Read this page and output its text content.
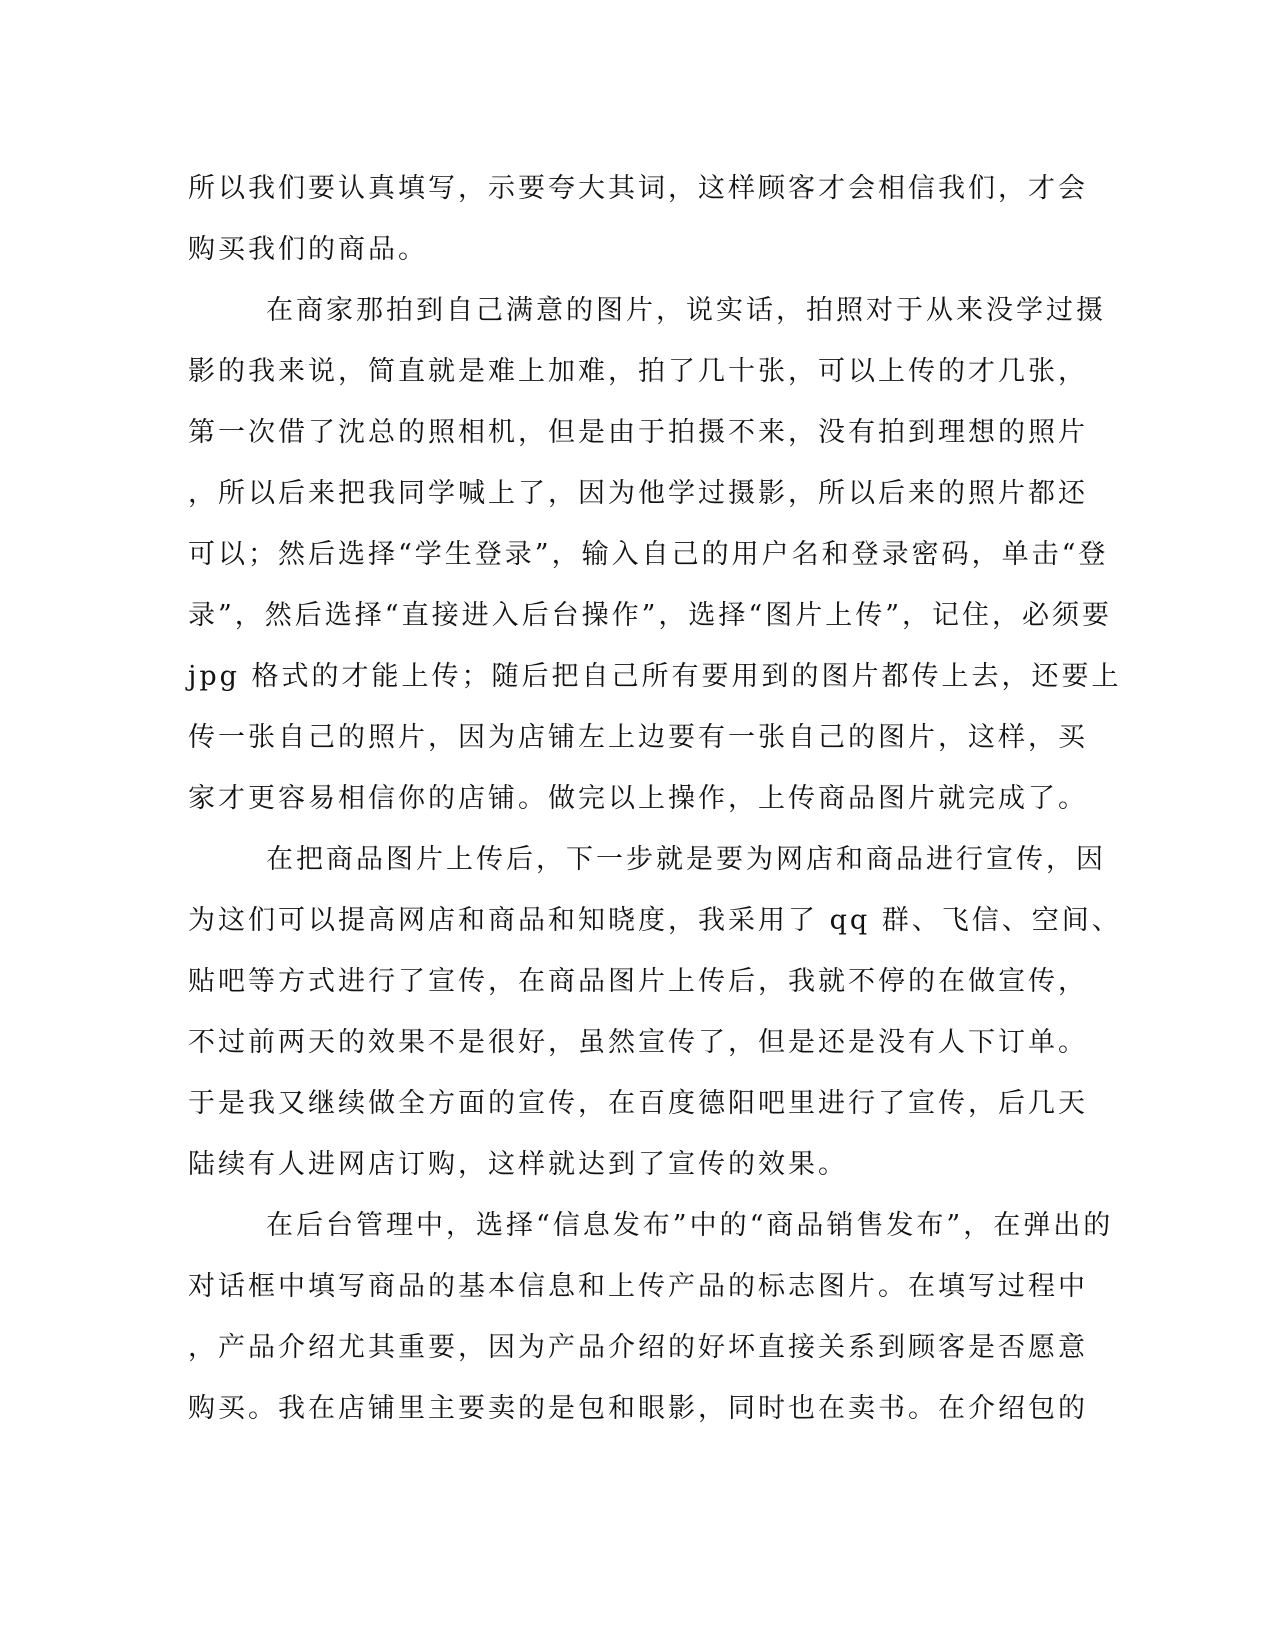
所以我们要认真填写，示要夸大其词，这样顾客才会相信我们，才会
购买我们的商品。
在商家那拍到自己满意的图片，说实话，拍照对于从来没学过摄
影的我来说，简直就是难上加难，拍了几十张，可以上传的才几张，
第一次借了沈总的照相机，但是由于拍摄不来，没有拍到理想的照片
，所以后来把我同学喊上了，因为他学过摄影，所以后来的照片都还
可以；然后选择“学生登录”，输入自己的用户名和登录密码，单击“登
录”，然后选择“直接进入后台操作”，选择“图片上传”，记住，必须要
jpg 格式的才能上传；随后把自己所有要用到的图片都传上去，还要上
传一张自己的照片，因为店铺左上边要有一张自己的图片，这样，买
家才更容易相信你的店铺。做完以上操作，上传商品图片就完成了。
在把商品图片上传后，下一步就是要为网店和商品进行宣传，因
为这们可以提高网店和商品和知晓度，我采用了 qq 群、飞信、空间、
贴吧等方式进行了宣传，在商品图片上传后，我就不停的在做宣传，
不过前两天的效果不是很好，虽然宣传了，但是还是没有人下订单。
于是我又继续做全方面的宣传，在百度德阳吧里进行了宣传，后几天
陆续有人进网店订购，这样就达到了宣传的效果。
在后台管理中，选择“信息发布”中的“商品销售发布”，在弹出的
对话框中填写商品的基本信息和上传产品的标志图片。在填写过程中
，产品介绍尤其重要，因为产品介绍的好坏直接关系到顾客是否愿意
购买。我在店铺里主要卖的是包和眼影，同时也在卖书。在介绍包的
